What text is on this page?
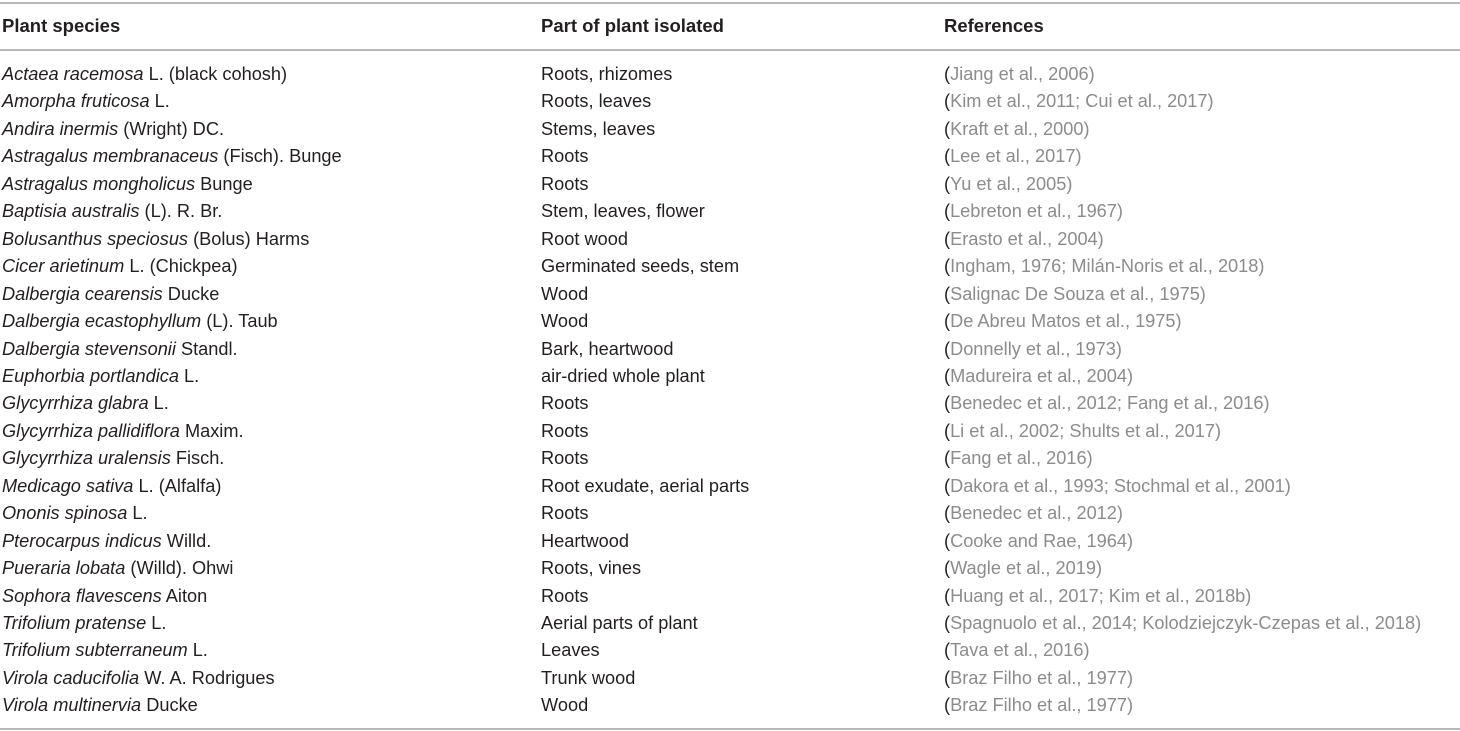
Plant species	Part of plant isolated	References
Actaea racemosa L. (black cohosh)	Roots, rhizomes	(Jiang et al., 2006)
Amorpha fruticosa L.	Roots, leaves	(Kim et al., 2011; Cui et al., 2017)
Andira inermis (Wright) DC.	Stems, leaves	(Kraft et al., 2000)
Astragalus membranaceus (Fisch). Bunge	Roots	(Lee et al., 2017)
Astragalus mongholicus Bunge	Roots	(Yu et al., 2005)
Baptisia australis (L). R. Br.	Stem, leaves, flower	(Lebreton et al., 1967)
Bolusanthus speciosus (Bolus) Harms	Root wood	(Erasto et al., 2004)
Cicer arietinum L. (Chickpea)	Germinated seeds, stem	(Ingham, 1976; Milán-Noris et al., 2018)
Dalbergia cearensis Ducke	Wood	(Salignac De Souza et al., 1975)
Dalbergia ecastophyllum (L). Taub	Wood	(De Abreu Matos et al., 1975)
Dalbergia stevensonii Standl.	Bark, heartwood	(Donnelly et al., 1973)
Euphorbia portlandica L.	air-dried whole plant	(Madureira et al., 2004)
Glycyrrhiza glabra L.	Roots	(Benedec et al., 2012; Fang et al., 2016)
Glycyrrhiza pallidiflora Maxim.	Roots	(Li et al., 2002; Shults et al., 2017)
Glycyrrhiza uralensis Fisch.	Roots	(Fang et al., 2016)
Medicago sativa L. (Alfalfa)	Root exudate, aerial parts	(Dakora et al., 1993; Stochmal et al., 2001)
Ononis spinosa L.	Roots	(Benedec et al., 2012)
Pterocarpus indicus Willd.	Heartwood	(Cooke and Rae, 1964)
Pueraria lobata (Willd). Ohwi	Roots, vines	(Wagle et al., 2019)
Sophora flavescens Aiton	Roots	(Huang et al., 2017; Kim et al., 2018b)
Trifolium pratense L.	Aerial parts of plant	(Spagnuolo et al., 2014; Kolodziejczyk-Czepas et al., 2018)
Trifolium subterraneum L.	Leaves	(Tava et al., 2016)
Virola caducifolia W. A. Rodrigues	Trunk wood	(Braz Filho et al., 1977)
Virola multinervia Ducke	Wood	(Braz Filho et al., 1977)
